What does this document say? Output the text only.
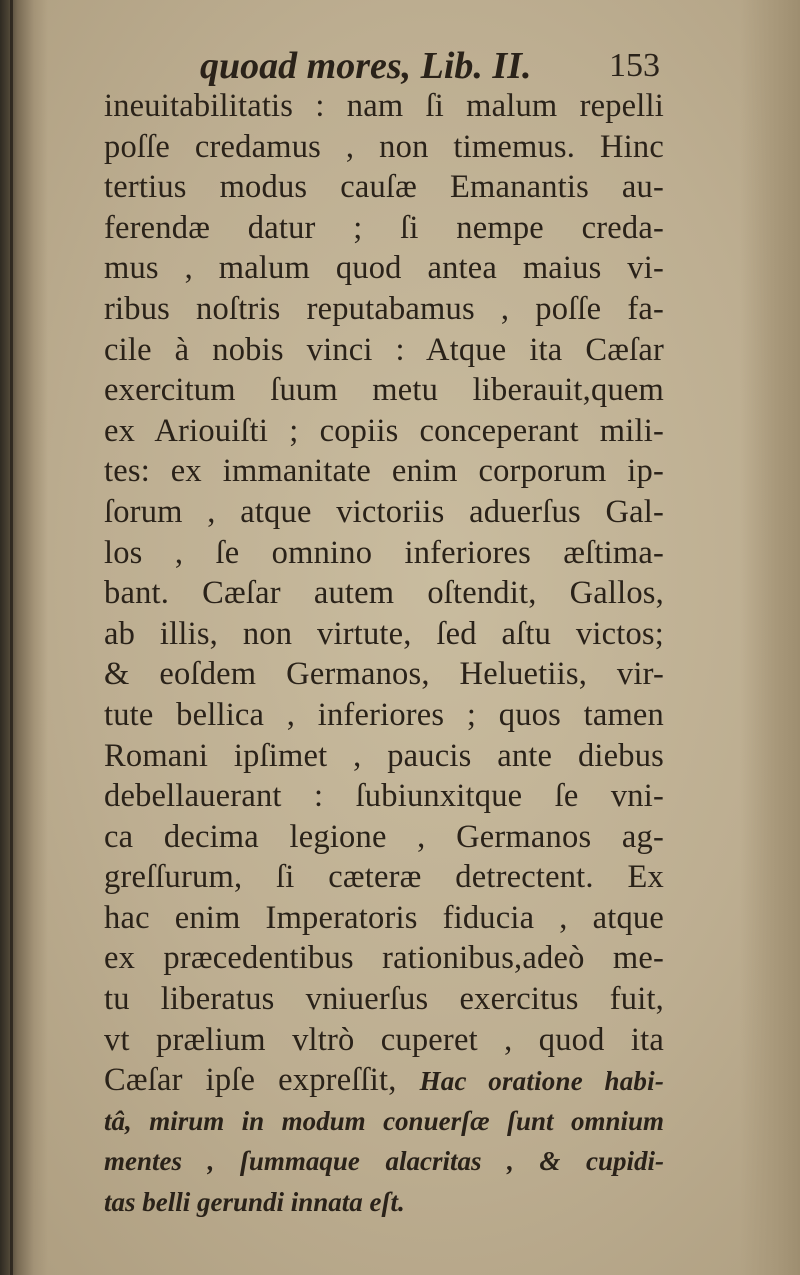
quoad mores, Lib. II. 153
ineuitabilitatis : nam ſi malum repelli
poſſe credamus , non timemus. Hinc
tertius modus cauſæ Emanantis au-
ferendæ datur ; ſi nempe creda-
mus , malum quod antea maius vi-
ribus noſtris reputabamus , poſſe fa-
cile à nobis vinci : Atque ita Cæſar
exercitum ſuum metu liberauit,quem
ex Ariouiſti ; copiis conceperant mili-
tes: ex immanitate enim corporum ip-
ſorum , atque victoriis aduerſus Gal-
los , ſe omnino inferiores æſtima-
bant. Cæſar autem oſtendit, Gallos,
ab illis, non virtute, ſed aſtu victos;
& eoſdem Germanos, Heluetiis, vir-
tute bellica , inferiores ; quos tamen
Romani ipſimet , paucis ante diebus
debellauerant : ſubiunxitque ſe vni-
ca decima legione , Germanos ag-
greſſurum, ſi cæteræ detrectent. Ex
hac enim Imperatoris fiducia , atque
ex præcedentibus rationibus,adeò me-
tu liberatus vniuerſus exercitus fuit,
vt prælium vltrò cuperet , quod ita
Cæſar ipſe expreſſit, Hac oratione habi-
tâ, mirum in modum conuerſæ ſunt omnium
mentes , ſummaque alacritas , & cupidi-
tas belli gerundi innata eſt.
